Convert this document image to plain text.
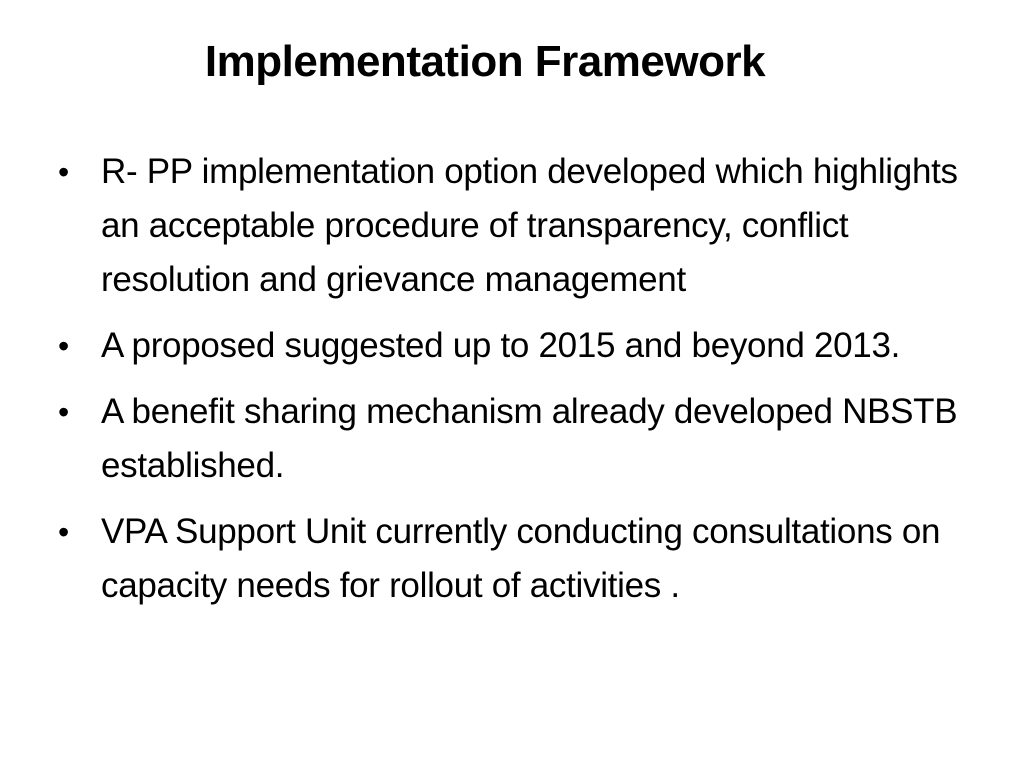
Implementation Framework
• R- PP implementation option developed which highlights an acceptable procedure of transparency, conflict resolution and grievance management
• A proposed suggested up to 2015 and beyond 2013.
• A benefit sharing mechanism already developed NBSTB established.
• VPA Support Unit currently conducting consultations on capacity needs for rollout of activities .
